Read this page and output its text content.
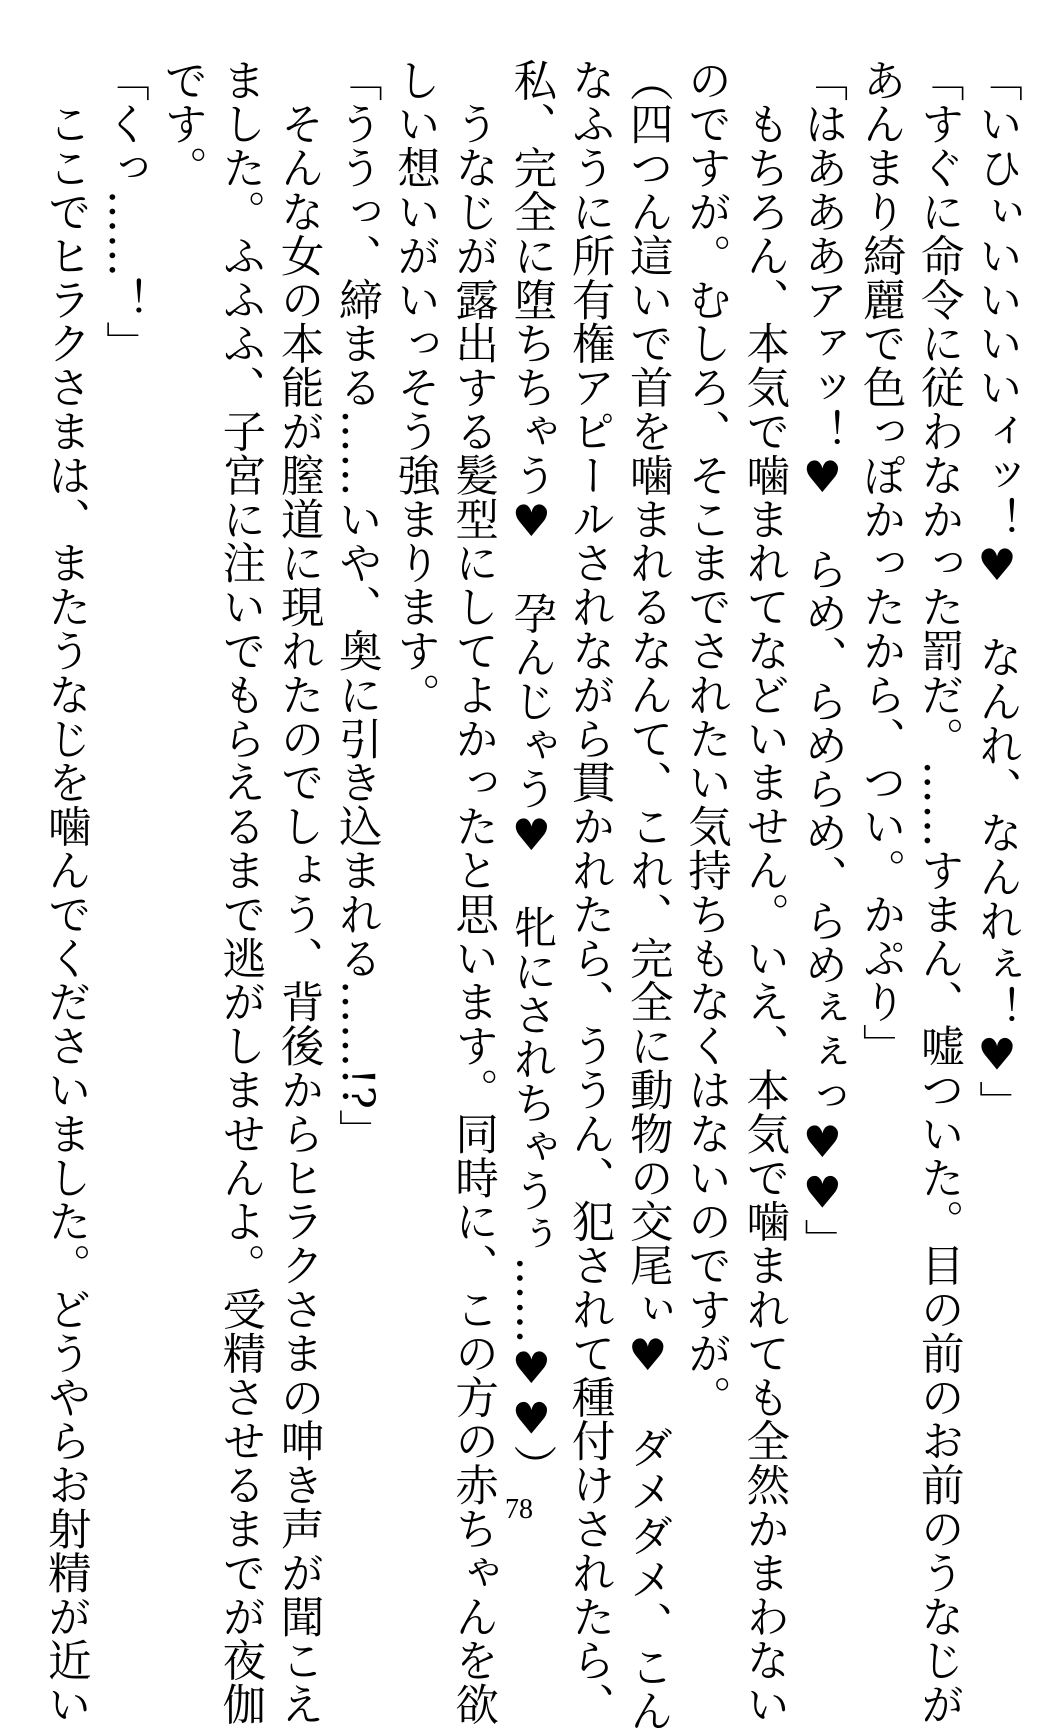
「いひぃいいいいィッ！♥　なんれ、なんれぇ！♥」

「すぐに命令に従わなかった罰だ。……すまん、嘘ついた。目の前のお前のうなじが

あんまり綺麗で色っぽかったから、つい。かぷり」

「はあああアァッ！♥　らめ、らめらめ、らめぇぇっ♥♥」

　もちろん、本気で噛まれてなどいません。いえ、本気で噛まれても全然かまわない

のですが。むしろ、そこまでされたい気持ちもなくはないのですが。

（四つん這いで首を噛まれるなんて、これ、完全に動物の交尾ぃ♥　ダメダメ、こん

なふうに所有権アピールされながら貫かれたら、ううん、犯されて種付けされたら、

私、完全に堕ちちゃう♥　孕んじゃう♥　牝にされちゃうぅ……♥♥）

　うなじが露出する髪型にしてよかったと思います。同時に、この方の赤ちゃんを欲

しい想いがいっそう強まります。

「ううっ、締まる……いや、奥に引き込まれる……!?」

　そんな女の本能が膣道に現れたのでしょう、背後からヒラクさまの呻き声が聞こえ

ました。ふふふ、子宮に注いでもらえるまで逃がしませんよ。受精させるまでが夜伽

です。

「くっ……！」

　ここでヒラクさまは、またうなじを噛んでくださいました。どうやらお射精が近い	78
